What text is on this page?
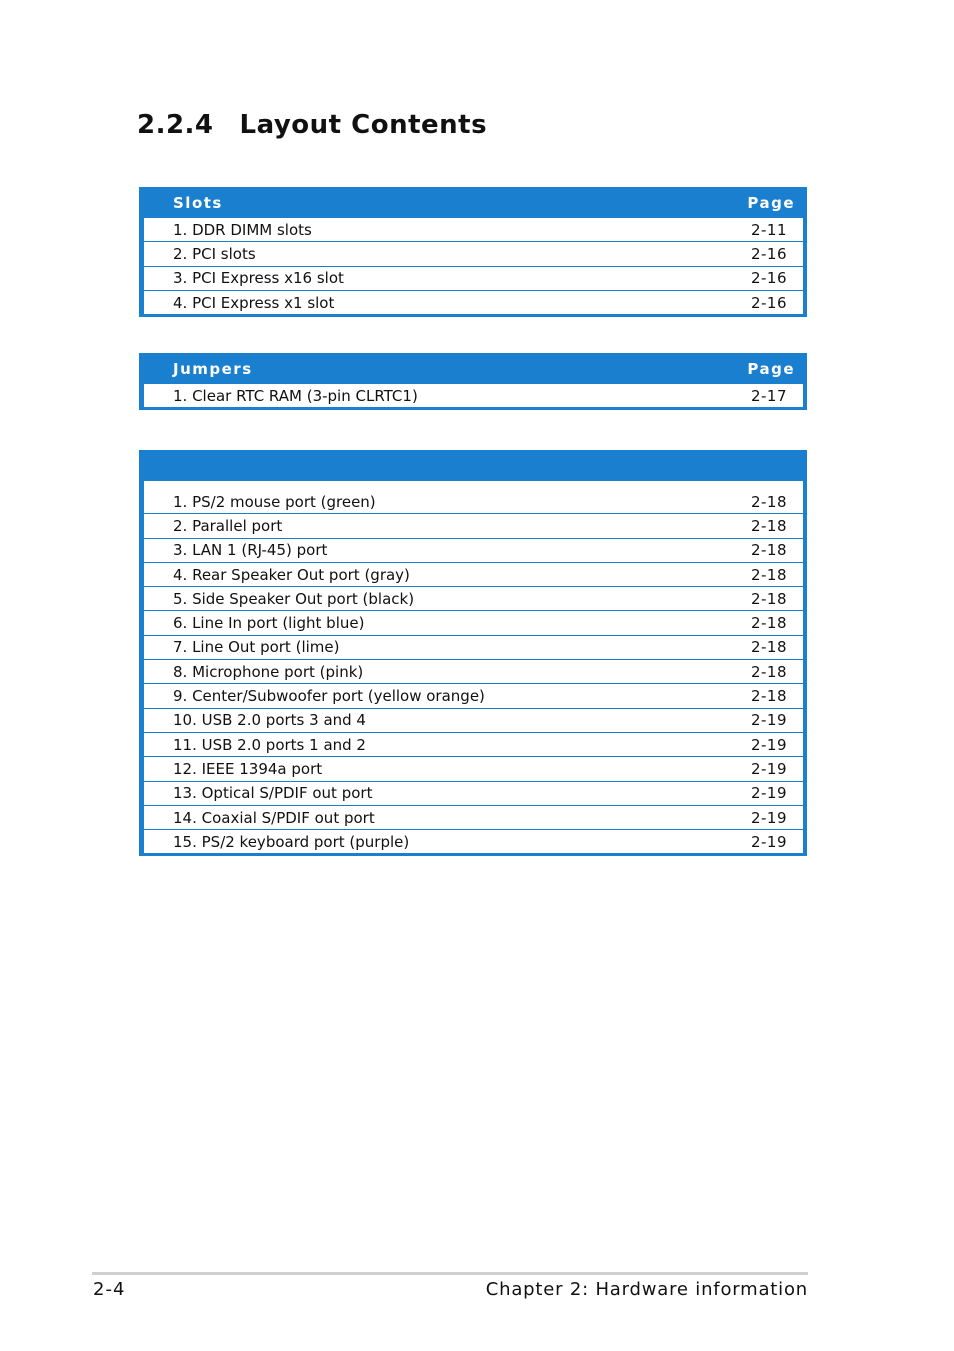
2.2.4 Layout Contents
Slots	Page
1. DDR DIMM slots	2-11
2. PCI slots	2-16
3. PCI Express x16 slot	2-16
4. PCI Express x1 slot	2-16
Jumpers	Page
1. Clear RTC RAM (3-pin CLRTC1)	2-17
1. PS/2 mouse port (green)	2-18
2. Parallel port	2-18
3. LAN 1 (RJ-45) port	2-18
4. Rear Speaker Out port (gray)	2-18
5. Side Speaker Out port (black)	2-18
6. Line In port (light blue)	2-18
7. Line Out port (lime)	2-18
8. Microphone port (pink)	2-18
9. Center/Subwoofer port (yellow orange)	2-18
10. USB 2.0 ports 3 and 4	2-19
11. USB 2.0 ports 1 and 2	2-19
12. IEEE 1394a port	2-19
13. Optical S/PDIF out port	2-19
14. Coaxial S/PDIF out port	2-19
15. PS/2 keyboard port (purple)	2-19
2-4	Chapter 2: Hardware information
